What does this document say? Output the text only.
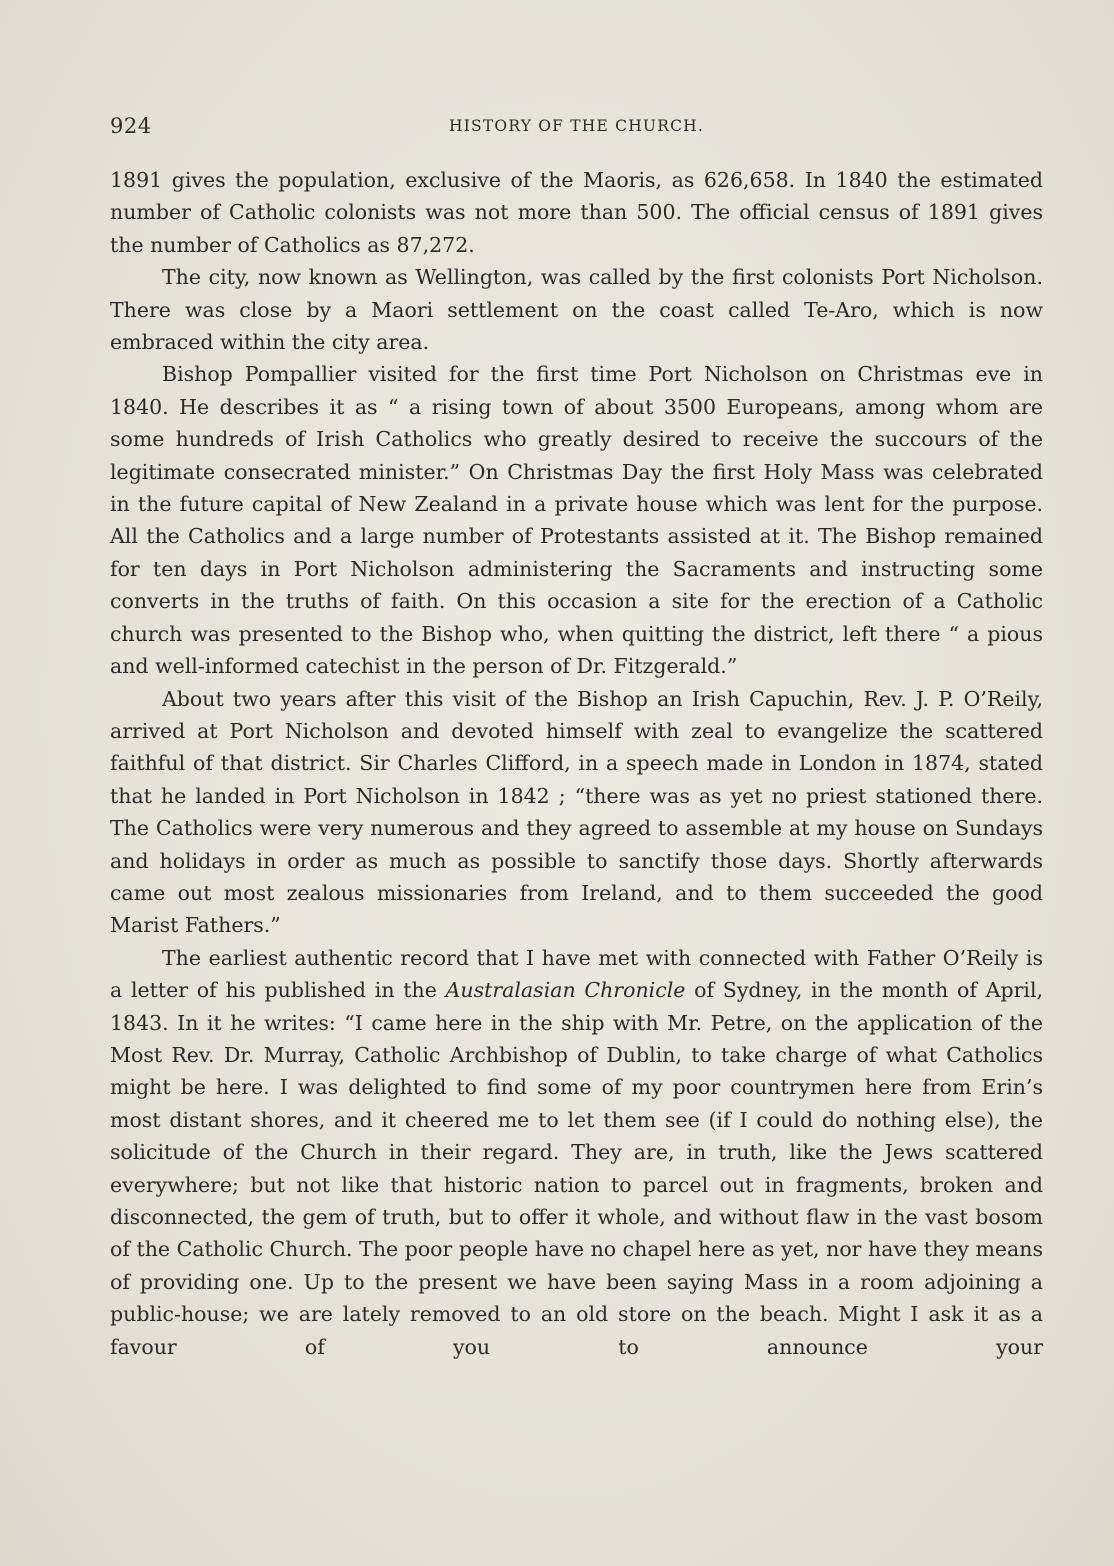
924	HISTORY OF THE CHURCH.

1891 gives the population, exclusive of the Maoris, as 626,658. In 1840 the estimated number of Catholic colonists was not more than 500. The official census of 1891 gives the number of Catholics as 87,272.

The city, now known as Wellington, was called by the first colonists Port Nicholson. There was close by a Maori settlement on the coast called Te-Aro, which is now embraced within the city area.

Bishop Pompallier visited for the first time Port Nicholson on Christmas eve in 1840. He describes it as “ a rising town of about 3500 Europeans, among whom are some hundreds of Irish Catholics who greatly desired to receive the succours of the legitimate consecrated minister.” On Christmas Day the first Holy Mass was celebrated in the future capital of New Zealand in a private house which was lent for the purpose. All the Catholics and a large number of Protestants assisted at it. The Bishop remained for ten days in Port Nicholson administering the Sacraments and instructing some converts in the truths of faith. On this occasion a site for the erection of a Catholic church was presented to the Bishop who, when quitting the district, left there “ a pious and well-informed catechist in the person of Dr. Fitzgerald.”

About two years after this visit of the Bishop an Irish Capuchin, Rev. J. P. O’Reily, arrived at Port Nicholson and devoted himself with zeal to evangelize the scattered faithful of that district. Sir Charles Clifford, in a speech made in London in 1874, stated that he landed in Port Nicholson in 1842 ; “there was as yet no priest stationed there. The Catholics were very numerous and they agreed to assemble at my house on Sundays and holidays in order as much as possible to sanctify those days. Shortly afterwards came out most zealous missionaries from Ireland, and to them succeeded the good Marist Fathers.”

The earliest authentic record that I have met with connected with Father O’Reily is a letter of his published in the Australasian Chronicle of Sydney, in the month of April, 1843. In it he writes: “I came here in the ship with Mr. Petre, on the application of the Most Rev. Dr. Murray, Catholic Archbishop of Dublin, to take charge of what Catholics might be here. I was delighted to find some of my poor countrymen here from Erin’s most distant shores, and it cheered me to let them see (if I could do nothing else), the solicitude of the Church in their regard. They are, in truth, like the Jews scattered everywhere; but not like that historic nation to parcel out in fragments, broken and disconnected, the gem of truth, but to offer it whole, and without flaw in the vast bosom of the Catholic Church. The poor people have no chapel here as yet, nor have they means of providing one. Up to the present we have been saying Mass in a room adjoining a public-house; we are lately removed to an old store on the beach. Might I ask it as a favour of you to announce your
